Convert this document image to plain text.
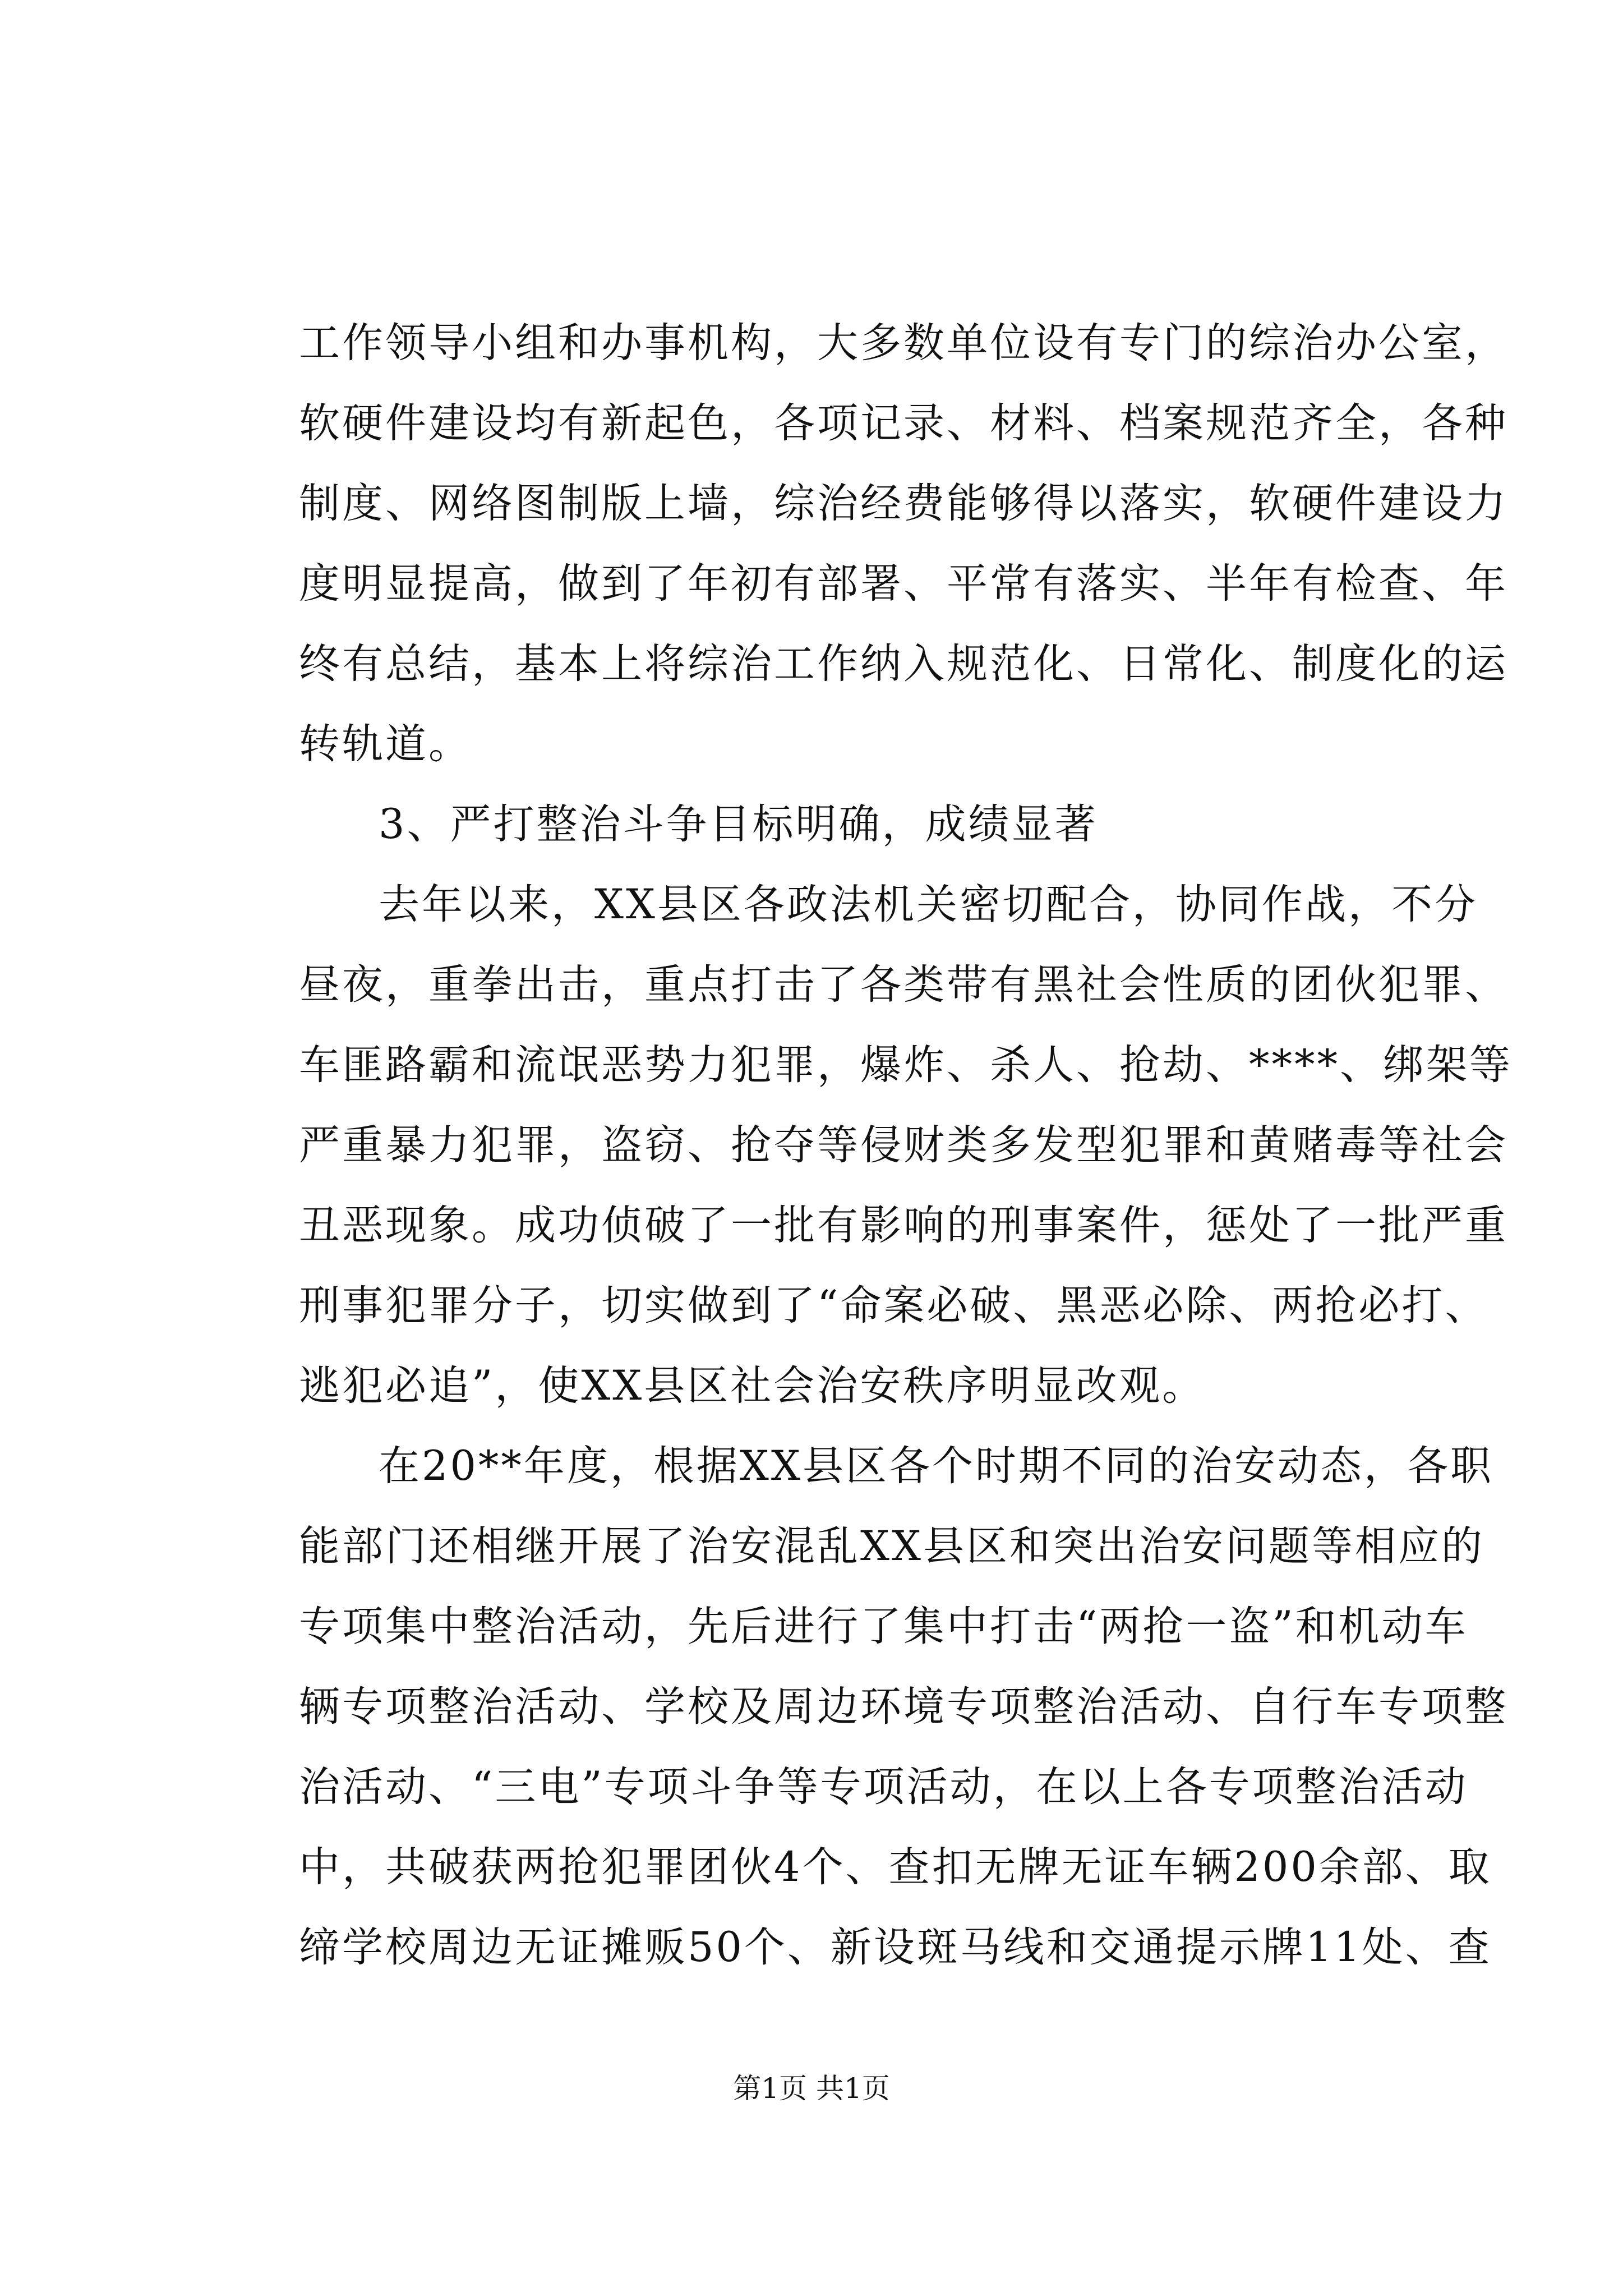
工作领导小组和办事机构，大多数单位设有专门的综治办公室，
软硬件建设均有新起色，各项记录、材料、档案规范齐全，各种
制度、网络图制版上墙，综治经费能够得以落实，软硬件建设力
度明显提高，做到了年初有部署、平常有落实、半年有检查、年
终有总结，基本上将综治工作纳入规范化、日常化、制度化的运
转轨道。
3、严打整治斗争目标明确，成绩显著
去年以来，XX县区各政法机关密切配合，协同作战，不分
昼夜，重拳出击，重点打击了各类带有黑社会性质的团伙犯罪、
车匪路霸和流氓恶势力犯罪，爆炸、杀人、抢劫、****、绑架等
严重暴力犯罪，盗窃、抢夺等侵财类多发型犯罪和黄赌毒等社会
丑恶现象。成功侦破了一批有影响的刑事案件，惩处了一批严重
刑事犯罪分子，切实做到了“命案必破、黑恶必除、两抢必打、
逃犯必追”，使XX县区社会治安秩序明显改观。
在20**年度，根据XX县区各个时期不同的治安动态，各职
能部门还相继开展了治安混乱XX县区和突出治安问题等相应的
专项集中整治活动，先后进行了集中打击“两抢一盗”和机动车
辆专项整治活动、学校及周边环境专项整治活动、自行车专项整
治活动、“三电”专项斗争等专项活动，在以上各专项整治活动
中，共破获两抢犯罪团伙4个、查扣无牌无证车辆200余部、取
缔学校周边无证摊贩50个、新设斑马线和交通提示牌11处、查
第1页 共1页
